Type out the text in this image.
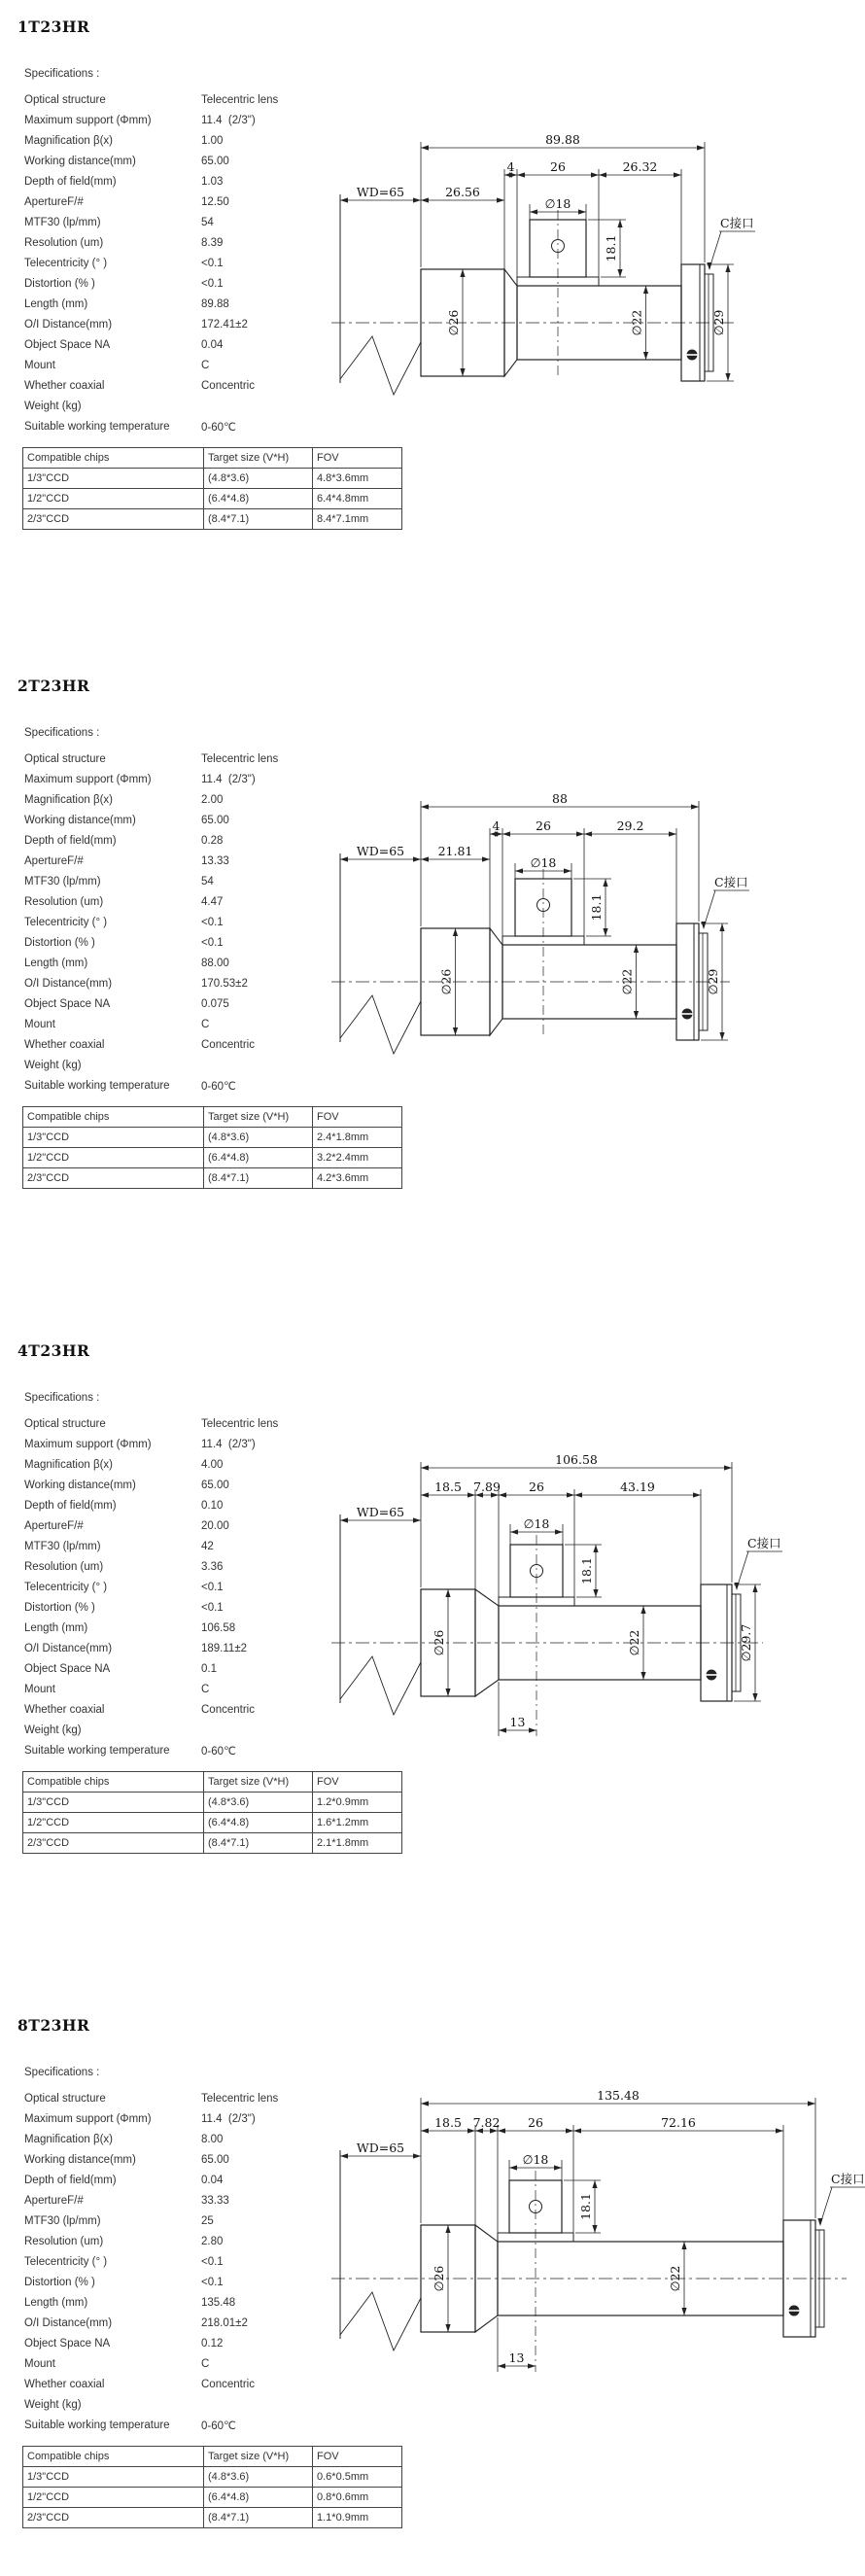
1T23HR
Specifications :
Optical structure	Telecentric lens
Maximum support (Φmm)	11.4  (2/3")
Magnification β(x)	1.00
Working distance(mm)	65.00
Depth of field(mm)	1.03
ApertureF/#	12.50
MTF30 (lp/mm)	54
Resolution (um)	8.39
Telecentricity (° )	<0.1
Distortion (% )	<0.1
Length (mm)	89.88
O/I Distance(mm)	172.41±2
Object Space NA	0.04
Mount	C
Whether coaxial	Concentric
Weight (kg)
Suitable working temperature	0-60℃
Compatible chips	Target size (V*H)	FOV
1/3"CCD	(4.8*3.6)	4.8*3.6mm
1/2"CCD	(6.4*4.8)	6.4*4.8mm
2/3"CCD	(8.4*7.1)	8.4*7.1mm
89.88
4	26	26.32
WD=65	26.56
∅18
18.1
∅26	∅22	∅29
C接口
2T23HR
Specifications :
Optical structure	Telecentric lens
Maximum support (Φmm)	11.4  (2/3")
Magnification β(x)	2.00
Working distance(mm)	65.00
Depth of field(mm)	0.28
ApertureF/#	13.33
MTF30 (lp/mm)	54
Resolution (um)	4.47
Telecentricity (° )	<0.1
Distortion (% )	<0.1
Length (mm)	88.00
O/I Distance(mm)	170.53±2
Object Space NA	0.075
Mount	C
Whether coaxial	Concentric
Weight (kg)
Suitable working temperature	0-60℃
Compatible chips	Target size (V*H)	FOV
1/3"CCD	(4.8*3.6)	2.4*1.8mm
1/2"CCD	(6.4*4.8)	3.2*2.4mm
2/3"CCD	(8.4*7.1)	4.2*3.6mm
88
4	26	29.2
WD=65	21.81
∅18
18.1
∅26	∅22	∅29
C接口
4T23HR
Specifications :
Optical structure	Telecentric lens
Maximum support (Φmm)	11.4  (2/3")
Magnification β(x)	4.00
Working distance(mm)	65.00
Depth of field(mm)	0.10
ApertureF/#	20.00
MTF30 (lp/mm)	42
Resolution (um)	3.36
Telecentricity (° )	<0.1
Distortion (% )	<0.1
Length (mm)	106.58
O/I Distance(mm)	189.11±2
Object Space NA	0.1
Mount	C
Whether coaxial	Concentric
Weight (kg)
Suitable working temperature	0-60℃
Compatible chips	Target size (V*H)	FOV
1/3"CCD	(4.8*3.6)	1.2*0.9mm
1/2"CCD	(6.4*4.8)	1.6*1.2mm
2/3"CCD	(8.4*7.1)	2.1*1.8mm
106.58
18.5 7.89 26	43.19
WD=65
∅18
18.1
∅26	∅22	∅29.7
13
C接口
8T23HR
Specifications :
Optical structure	Telecentric lens
Maximum support (Φmm)	11.4  (2/3")
Magnification β(x)	8.00
Working distance(mm)	65.00
Depth of field(mm)	0.04
ApertureF/#	33.33
MTF30 (lp/mm)	25
Resolution (um)	2.80
Telecentricity (° )	<0.1
Distortion (% )	<0.1
Length (mm)	135.48
O/I Distance(mm)	218.01±2
Object Space NA	0.12
Mount	C
Whether coaxial	Concentric
Weight (kg)
Suitable working temperature	0-60℃
Compatible chips	Target size (V*H)	FOV
1/3"CCD	(4.8*3.6)	0.6*0.5mm
1/2"CCD	(6.4*4.8)	0.8*0.6mm
2/3"CCD	(8.4*7.1)	1.1*0.9mm
135.48
18.5 7.82 26	72.16
WD=65
∅18
18.1
∅26	∅22
13
C接口
